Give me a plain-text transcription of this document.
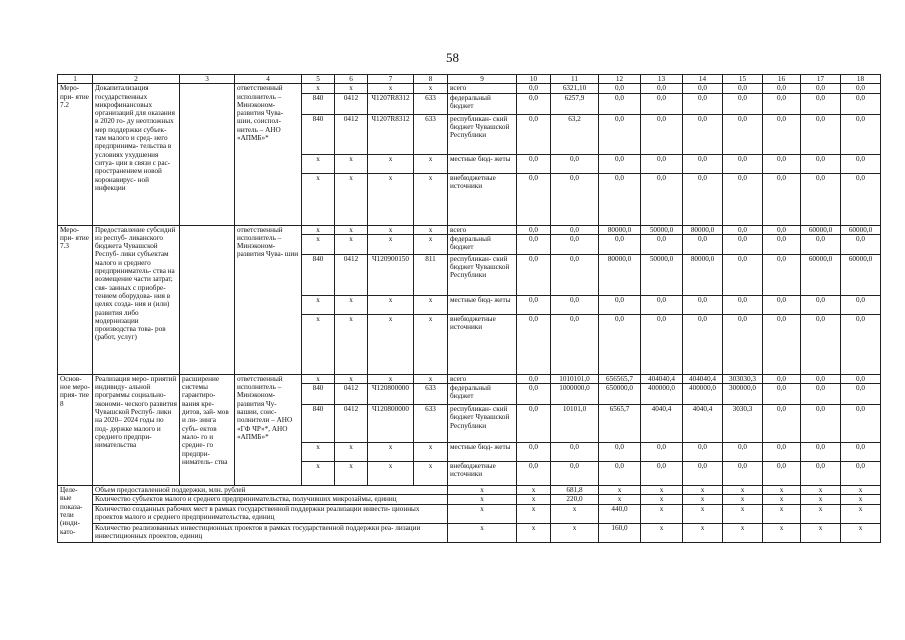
58
1	2	3	4	5	6	7	8	9	10	11	12	13	14	15	16	17	18
Меро- при- ятие 7.2	Докапитализация государственных микрофинансовых организаций для оказания в 2020 го- ду неотложных мер поддержки субъек- там малого и сред- него предпринима- тельства в условиях ухудшения ситуа- ции в связи с рас- пространением новой коронавирус- ной инфекции		ответственный исполнитель – Минэконом- развития Чува- шии, соиспол- нитель – АНО «АПМБ»*	x	x	x	x	всего	0,0	6321,10	0,0	0,0	0,0	0,0	0,0	0,0	0,0
				840	0412	Ч1207R8312	633	федеральный бюджет	0,0	6257,9	0,0	0,0	0,0	0,0	0,0	0,0	0,0
				840	0412	Ч1207R8312	633	республикан- ский бюджет Чувашской Республики	0,0	63,2	0,0	0,0	0,0	0,0	0,0	0,0	0,0
				x	x	x	x	местные бюд- жеты	0,0	0,0	0,0	0,0	0,0	0,0	0,0	0,0	0,0
				x	x	x	x	внебюджетные источники	0,0	0,0	0,0	0,0	0,0	0,0	0,0	0,0	0,0
Меро- при- ятие 7.3	Предоставление субсидий из респуб- ликанского бюджета Чувашской Респуб- лики субъектам малого и среднего предприниматель- ства на возмещение части затрат, свя- занных с приобре- тением оборудова- ния в целях созда- ния и (или) развития либо модернизации производства това- ров (работ, услуг)		ответственный исполнитель – Минэконом- развития Чува- шии	x	x	x	x	всего	0,0	0,0	80000,0	50000,0	80000,0	0,0	0,0	60000,0	60000,0
				x	x	x	x	федеральный бюджет	0,0	0,0	0,0	0,0	0,0	0,0	0,0	0,0	0,0
				840	0412	Ч120900150	811	республикан- ский бюджет Чувашской Республики	0,0	0,0	80000,0	50000,0	80000,0	0,0	0,0	60000,0	60000,0
				x	x	x	x	местные бюд- жеты	0,0	0,0	0,0	0,0	0,0	0,0	0,0	0,0	0,0
				x	x	x	x	внебюджетные источники	0,0	0,0	0,0	0,0	0,0	0,0	0,0	0,0	0,0
Основ- ное меро- прия- тие 8	Реализация меро- приятий индивиду- альной программы социально-экономи- ческого развития Чувашской Респуб- лики на 2020– 2024 годы по под- держке малого и среднего предпри- нимательства	расширение системы гарантиро- вания кре- дитов, зай- мов и ли- зинга субъ- ектов мало- го и средне- го предпри- ниматель- ства	ответственный исполнитель – Минэконом- развития Чу- вашии, соис- полнители – АНО «ГФ ЧР»*, АНО «АПМБ»*	x	x	x	x	всего	0,0	1010101,0	656565,7	404040,4	404040,4	303030,3	0,0	0,0	0,0
				840	0412	Ч120800000	633	федеральный бюджет	0,0	1000000,0	650000,0	400000,0	400000,0	300000,0	0,0	0,0	0,0
				840	0412	Ч120800000	633	республикан- ский бюджет Чувашской Республики	0,0	10101,0	6565,7	4040,4	4040,4	3030,3	0,0	0,0	0,0
				x	x	x	x	местные бюд- жеты	0,0	0,0	0,0	0,0	0,0	0,0	0,0	0,0	0,0
				x	x	x	x	внебюджетные источники	0,0	0,0	0,0	0,0	0,0	0,0	0,0	0,0	0,0
Целе- вые показа- тели (инди- като-	Объем предоставленной поддержки, млн. рублей							x	x	681,8	x	x	x	x	x	x	x
	Количество субъектов малого и среднего предпринимательства, получивших микрозаймы, единиц							x	x	220,0	x	x	x	x	x	x	x
	Количество созданных рабочих мест в рамках государственной поддержки реализации инвести- ционных проектов малого и среднего предпринимательства, единиц							x	x	x	440,0	x	x	x	x	x	x
	Количество реализованных инвестиционных проектов в рамках государственной поддержки реа- лизации инвестиционных проектов, единиц							x	x	x	160,0	x	x	x	x	x	x
